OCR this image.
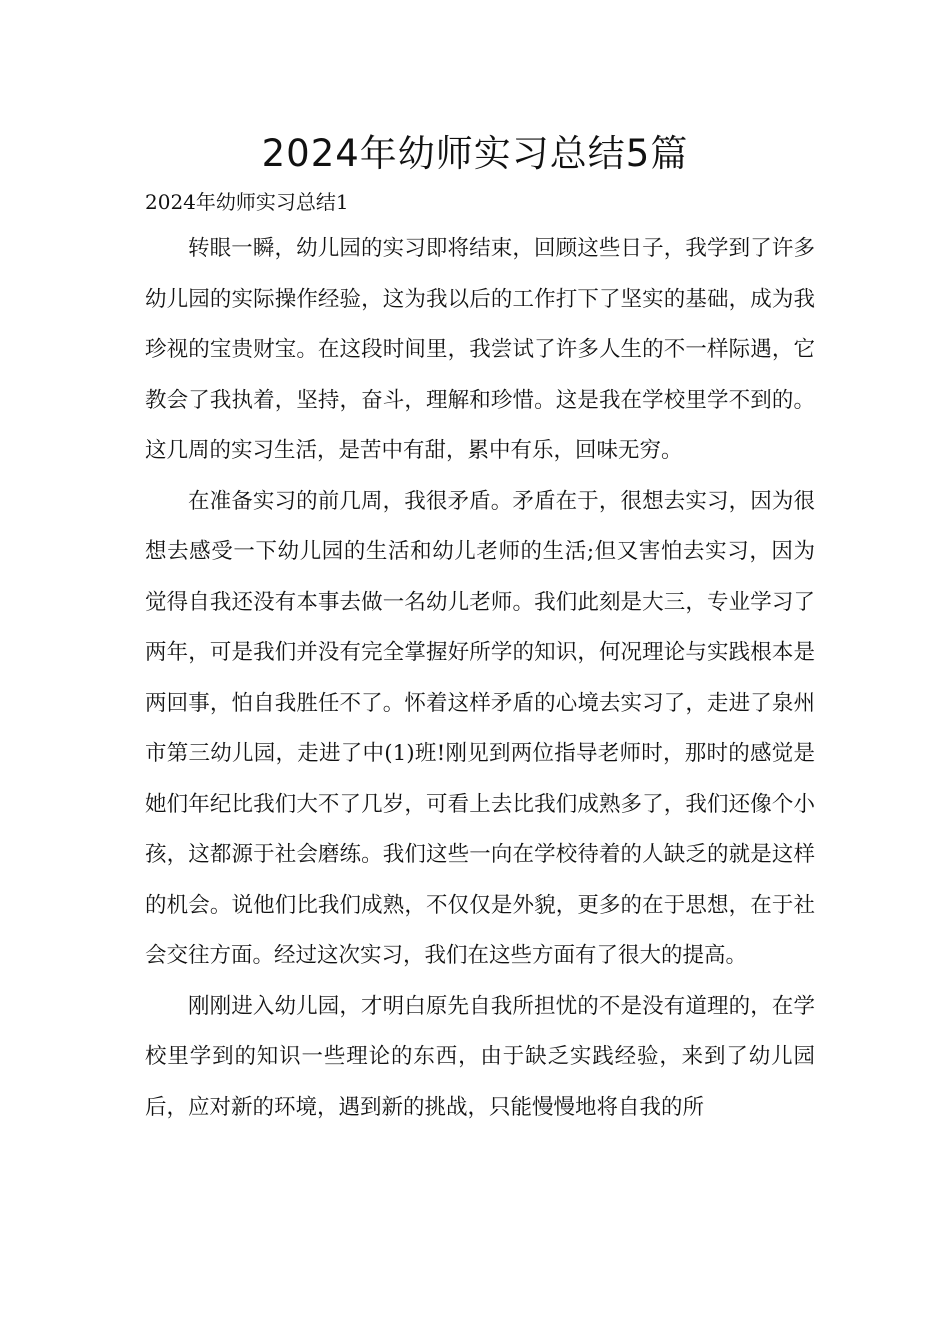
2024年幼师实习总结5篇
2024年幼师实习总结1

转眼一瞬，幼儿园的实习即将结束，回顾这些日子，我学到了许多幼儿园的实际操作经验，这为我以后的工作打下了坚实的基础，成为我珍视的宝贵财宝。在这段时间里，我尝试了许多人生的不一样际遇，它教会了我执着，坚持，奋斗，理解和珍惜。这是我在学校里学不到的。这几周的实习生活，是苦中有甜，累中有乐，回味无穷。

在准备实习的前几周，我很矛盾。矛盾在于，很想去实习，因为很想去感受一下幼儿园的生活和幼儿老师的生活;但又害怕去实习，因为觉得自我还没有本事去做一名幼儿老师。我们此刻是大三，专业学习了两年，可是我们并没有完全掌握好所学的知识，何况理论与实践根本是两回事，怕自我胜任不了。怀着这样矛盾的心境去实习了，走进了泉州市第三幼儿园，走进了中(1)班!刚见到两位指导老师时，那时的感觉是她们年纪比我们大不了几岁，可看上去比我们成熟多了，我们还像个小孩，这都源于社会磨练。我们这些一向在学校待着的人缺乏的就是这样的机会。说他们比我们成熟，不仅仅是外貌，更多的在于思想，在于社会交往方面。经过这次实习，我们在这些方面有了很大的提高。

刚刚进入幼儿园，才明白原先自我所担忧的不是没有道理的，在学校里学到的知识一些理论的东西，由于缺乏实践经验，来到了幼儿园后，应对新的环境，遇到新的挑战，只能慢慢地将自我的所
